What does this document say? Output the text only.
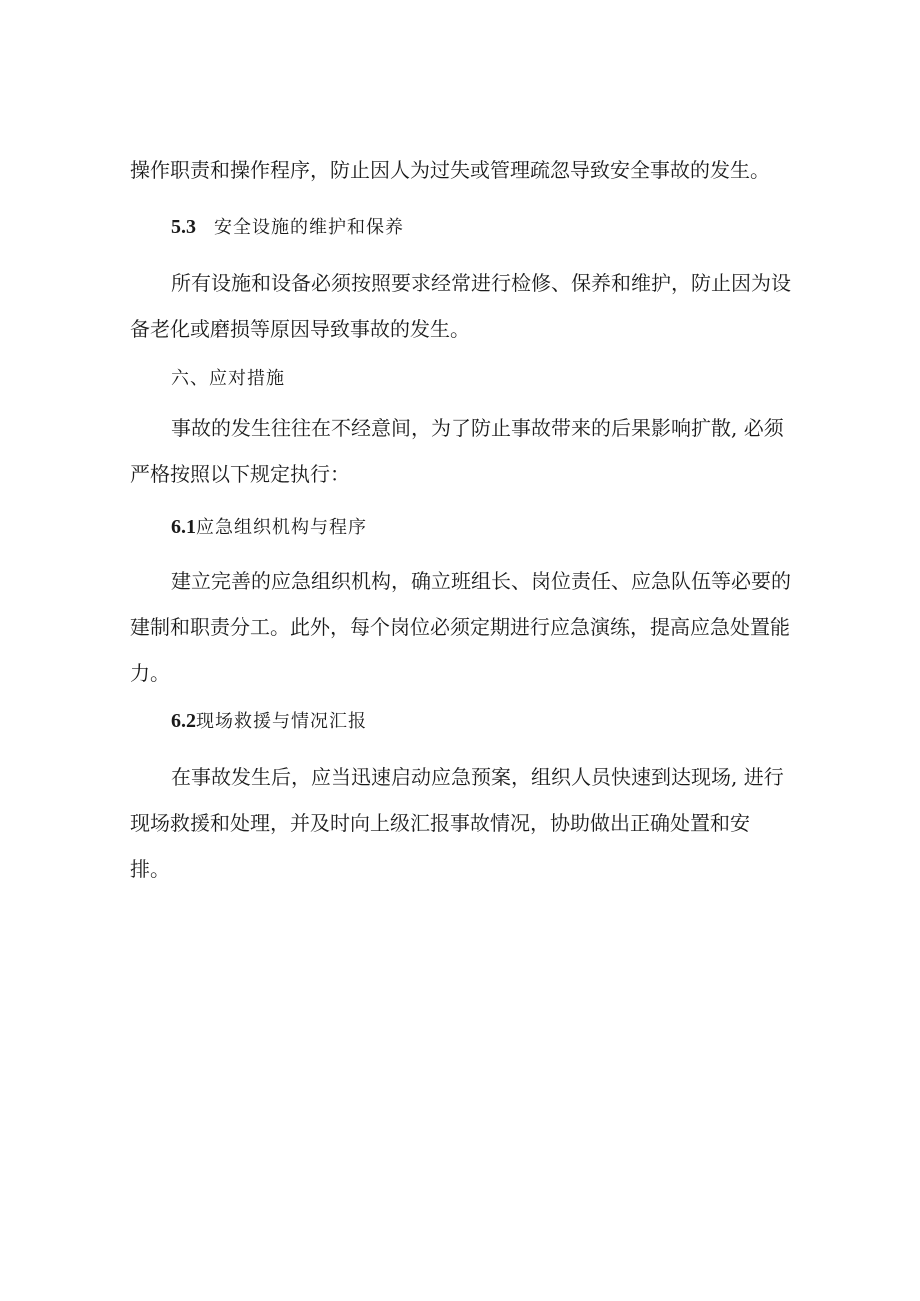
操作职责和操作程序，防止因人为过失或管理疏忽导致安全事故的发生。

5.3 安全设施的维护和保养

所有设施和设备必须按照要求经常进行检修、保养和维护，防止因为设
备老化或磨损等原因导致事故的发生。

六、应对措施

事故的发生往往在不经意间，为了防止事故带来的后果影响扩散, 必须
严格按照以下规定执行：

6.1应急组织机构与程序

建立完善的应急组织机构，确立班组长、岗位责任、应急队伍等必要的
建制和职责分工。此外，每个岗位必须定期进行应急演练，提高应急处置能
力。

6.2现场救援与情况汇报

在事故发生后，应当迅速启动应急预案，组织人员快速到达现场, 进行
现场救援和处理，并及时向上级汇报事故情况，协助做出正确处置和安
排。
